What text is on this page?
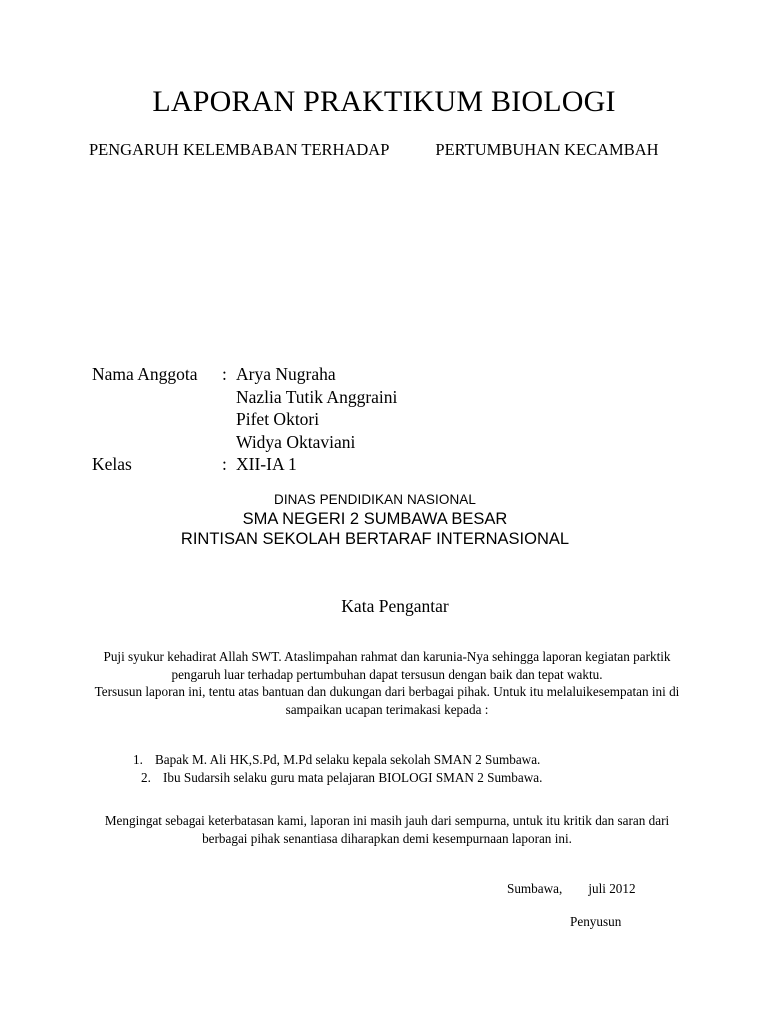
LAPORAN PRAKTIKUM BIOLOGI
PENGARUH KELEMBABAN TERHADAP	PERTUMBUHAN KECAMBAH
Nama Anggota	: Arya Nugraha
Nazlia Tutik Anggraini
Pifet Oktori
Widya Oktaviani
Kelas	: XII-IA 1
DINAS PENDIDIKAN NASIONAL
SMA NEGERI 2 SUMBAWA BESAR
RINTISAN SEKOLAH BERTARAF INTERNASIONAL
Kata Pengantar

Puji syukur kehadirat Allah SWT. Ataslimpahan rahmat dan karunia-Nya sehingga laporan kegiatan parktik pengaruh luar terhadap pertumbuhan dapat tersusun dengan baik dan tepat waktu.

Tersusun laporan ini, tentu atas bantuan dan dukungan dari berbagai pihak. Untuk itu melaluikesempatan ini di sampaikan ucapan terimakasi kepada :

1. Bapak M. Ali HK,S.Pd, M.Pd selaku kepala sekolah SMAN 2 Sumbawa.
2. Ibu Sudarsih selaku guru mata pelajaran BIOLOGI SMAN 2 Sumbawa.

Mengingat sebagai keterbatasan kami, laporan ini masih jauh dari sempurna, untuk itu kritik dan saran dari berbagai pihak senantiasa diharapkan demi kesempurnaan laporan ini.

Sumbawa, juli 2012
Penyusun
